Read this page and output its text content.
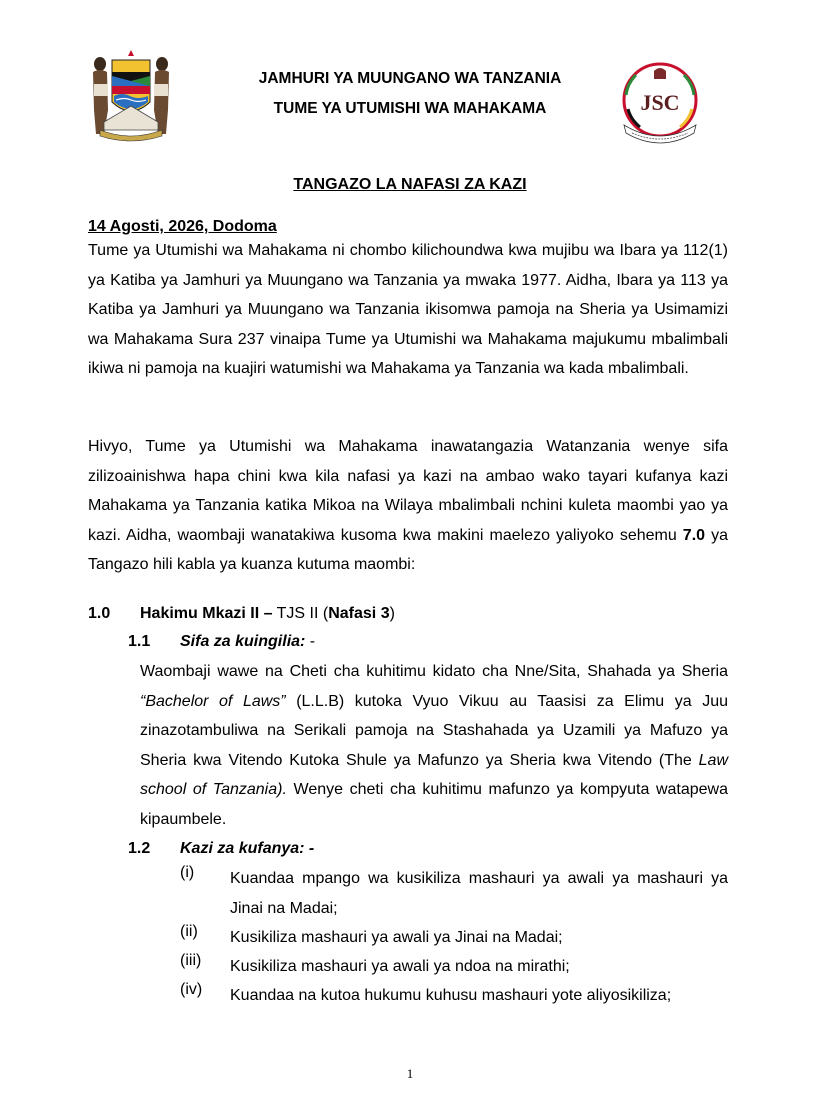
JAMHURI YA MUUNGANO WA TANZANIA
TUME YA UTUMISHI WA MAHAKAMA	JSC
TANGAZO LA NAFASI ZA KAZI
14 Agosti, 2026, Dodoma
Tume ya Utumishi wa Mahakama ni chombo kilichoundwa kwa mujibu wa Ibara ya 112(1) ya Katiba ya Jamhuri ya Muungano wa Tanzania ya mwaka 1977. Aidha, Ibara ya 113 ya Katiba ya Jamhuri ya Muungano wa Tanzania ikisomwa pamoja na Sheria ya Usimamizi wa Mahakama Sura 237 vinaipa Tume ya Utumishi wa Mahakama majukumu mbalimbali ikiwa ni pamoja na kuajiri watumishi wa Mahakama ya Tanzania wa kada mbalimbali.
Hivyo, Tume ya Utumishi wa Mahakama inawatangazia Watanzania wenye sifa zilizoainishwa hapa chini kwa kila nafasi ya kazi na ambao wako tayari kufanya kazi Mahakama ya Tanzania katika Mikoa na Wilaya mbalimbali nchini kuleta maombi yao ya kazi. Aidha, waombaji wanatakiwa kusoma kwa makini maelezo yaliyoko sehemu 7.0 ya Tangazo hili kabla ya kuanza kutuma maombi:
1.0 Hakimu Mkazi II – TJS II (Nafasi 3)
1.1 Sifa za kuingilia: -
Waombaji wawe na Cheti cha kuhitimu kidato cha Nne/Sita, Shahada ya Sheria “Bachelor of Laws” (L.L.B) kutoka Vyuo Vikuu au Taasisi za Elimu ya Juu zinazotambuliwa na Serikali pamoja na Stashahada ya Uzamili ya Mafuzo ya Sheria kwa Vitendo Kutoka Shule ya Mafunzo ya Sheria kwa Vitendo (The Law school of Tanzania). Wenye cheti cha kuhitimu mafunzo ya kompyuta watapewa kipaumbele.
1.2 Kazi za kufanya: -
(i) Kuandaa mpango wa kusikiliza mashauri ya awali ya mashauri ya Jinai na Madai;
(ii) Kusikiliza mashauri ya awali ya Jinai na Madai;
(iii) Kusikiliza mashauri ya awali ya ndoa na mirathi;
(iv) Kuandaa na kutoa hukumu kuhusu mashauri yote aliyosikiliza;
1
